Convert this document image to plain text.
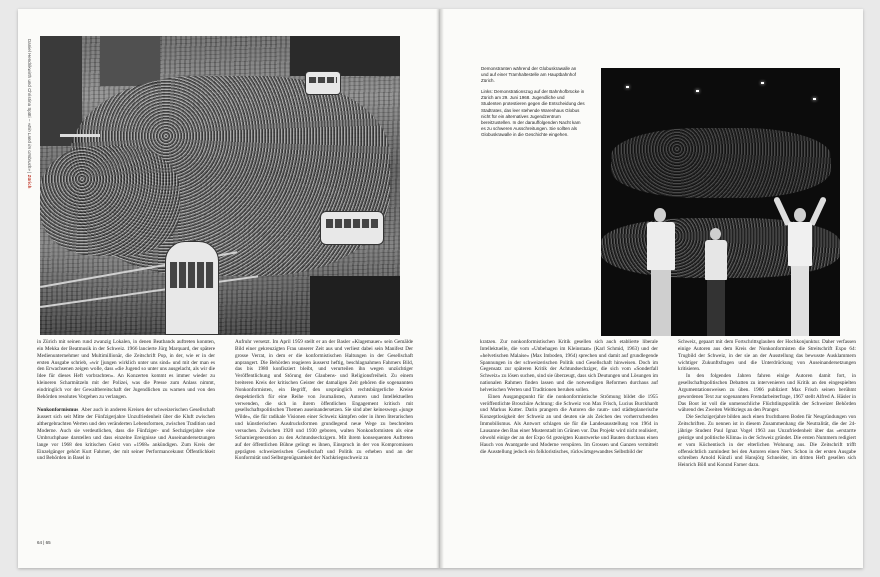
Daniel Hendrikwirth und Christina Späti – «Ein Land im Umbruch» | Zürich

in Zürich mit seinen rund zwanzig Lokalen, in denen Beatbands auftreten konnten, ein Mekka der Beatmusik in der Schweiz. 1966 lancierte Jürg Marquard, der spätere Medienunternehmer und Multimillionär, die Zeitschrift Pop, in der, wie er in der ersten Ausgabe schrieb, «wir [jungen wirklich unter uns sind» und mit der man es den Erwachsenen zeigen wolle, dass «die Jugend so unter uns ausgelacht, als wir die Idee für dieses Heft vorbrachten». An Konzerten kommt es immer wieder zu kleineren Scharmützeln mit der Polizei, was die Presse zum Anlass nimmt, eindringlich vor der Gewaltbereitschaft der Jugendlichen zu warnen und von den Behörden resolutes Vorgehen zu verlangen.

Nonkonformismus Aber auch in anderen Kreisen der schweizerischen Gesellschaft äussert sich seit Mitte der Fünfzigerjahre Unzufriedenheit über die Kluft zwischen althergebrachten Werten und den veränderten Lebensformen, zwischen Tradition und Moderne. Auch sie verdeutlichen, dass die Fünfziger- und Sechzigerjahre eine Umbruchphase darstellen und dass einzelne Ereignisse und Auseinandersetzungen lange vor 1968 den kritischen Geist von «1968» ankündigen. Zum Kreis der Einzelgänger gehört Kurt Fahrner, der mit seiner Performancekunst Öffentlichkeit und Behörden in Basel in

Aufruhr versetzt. Im April 1959 stellt er an der Basler «Klagemauer» sein Gemälde Bild einer gekreuzigten Frau unserer Zeit aus und verliest dabei sein Manifest Der grosse Verrat, in dem er die konformistischen Haltungen in der Gesellschaft anprangert. Die Behörden reagieren äusserst heftig, beschlagnahmen Fahrners Bild, das bis 1980 konfisziert bleibt, und verurteilen ihn wegen unzüchtiger Veröffentlichung und Störung der Glaubens- und Religionsfreiheit. Zu einem breiteren Kreis der kritischen Geister der damaligen Zeit gehören die sogenannten Nonkonformisten, ein Begriff, den ursprünglich rechtsbürgerliche Kreise despektierlich für eine Reihe von Journalisten, Autoren und Intellektuellen verwenden, die sich in ihrem öffentlichen Engagement kritisch mit gesellschaftspolitischen Themen auseinandersetzen. Sie sind aber keineswegs «junge Wilde», die für radikale Visionen einer Schweiz kämpfen oder in ihren literarischen und künstlerischen Ausdrucksformen grundlegend neue Wege zu beschreiten versuchen. Zwischen 1920 und 1930 geboren, walten Nonkonformisten als eine Scharniergeneration zu den Achtundsechzigern. Mit ihrem konsequenten Auftreten auf der öffentlichen Bühne gelingt es ihnen, Einspruch in der von Kompromissen geprägten schweizerischen Gesellschaft und Politik zu erheben und an der Konformität und Selbstgenügsamkeit der Nachkriegsschweiz zu

64 | 65

Demonstranten während der Globuskrawalle an und auf einer Tramhaltestelle am Hauptbahnhof Zürich.

Links: Demonstrationszug auf der Bahnhofbrücke in Zürich am 29. Juni 1968. Jugendliche und Studenten protestieren gegen die Entscheidung des Stadtrates, das leer stehende Warenhaus Globus nicht für ein alternatives Jugendzentrum bereitzustellen. In der darauffolgenden Nacht kam es zu schweren Ausschreitungen. Sie sollten als Globuskrawalle in die Geschichte eingehen.

kratzen. Zur nonkonformistischen Kritik gesellen sich auch etablierte liberale Intellektuelle, die vom «Unbehagen im Kleinstaat» (Karl Schmid, 1963) und der «helvetischen Malaise» (Max Imboden, 1964) sprechen und damit auf grundlegende Spannungen in der schweizerischen Politik und Gesellschaft hinweisen. Doch im Gegensatz zur späteren Kritik der Achtundsechziger, die sich vom «Sonderfall Schweiz» zu lösen suchen, sind sie überzeugt, dass sich Deutungen und Lösungen im nationalen Rahmen finden lassen und die notwendigen Reformen durchaus auf helvetischen Werten und Traditionen beruhen sollen.

Einen Ausgangspunkt für die nonkonformistische Strömung bildet die 1955 veröffentlichte Broschüre Achtung: die Schweiz von Max Frisch, Lucius Burckhardt und Markus Kutter. Darin prangern die Autoren die raum- und städteplanerische Konzeptlosigkeit der Schweiz an und deuten sie als Zeichen des vorherrschenden Immobilismus. Als Antwort schlagen sie für die Landesausstellung von 1964 in Lausanne den Bau einer Musterstadt im Grünen vor. Das Projekt wird nicht realisiert, obwohl einige der an der Expo 64 gezeigten Kunstwerke und Bauten durchaus einen Hauch von Avantgarde und Moderne verspüren. Im Grossen und Ganzen vermittelt die Ausstellung jedoch ein folkloristisches, rückwärtsgewandtes Selbstbild der

Schweiz, gepaart mit dem Fortschrittsglauben der Hochkonjunktur. Daher verfassen einige Autoren aus dem Kreis der Nonkonformisten die Streitschrift Expo 64: Trugbild der Schweiz, in der sie an der Ausstellung das bewusste Ausklammern wichtiger Zukunftsfragen und die Unterdrückung von Auseinandersetzungen kritisieren.

In den folgenden Jahren fahren einige Autoren damit fort, in gesellschaftspolitischen Debatten zu intervenieren und Kritik an den eingespielten Argumentationsweisen zu üben. 1966 publiziert Max Frisch seinen berühmt gewordenen Text zur sogenannten Fremdarbeiterfrage, 1967 stellt Alfred A. Häsler in Das Boot ist voll die unmenschliche Flüchtlingspolitik der Schweizer Behörden während des Zweiten Weltkriegs an den Pranger.

Die Sechzigerjahre bilden auch einen fruchtbaren Boden für Neugründungen von Zeitschriften. Zu nennen ist in diesem Zusammenhang die Neutralität, die der 24-jährige Student Paul Ignaz Vogel 1963 aus Unzufriedenheit über das «erstarrte geistige und politische Klima» in der Schweiz gründet. Die ersten Nummern redigiert er vom Küchentisch in der elterlichen Wohnung aus. Die Zeitschrift trifft offensichtlich zumindest bei den Autoren einen Nerv. Schon in der ersten Ausgabe schreiben Arnold Künzli und Hansjörg Schneider, im dritten Heft gesellen sich Heinrich Böll und Konrad Farner dazu.
